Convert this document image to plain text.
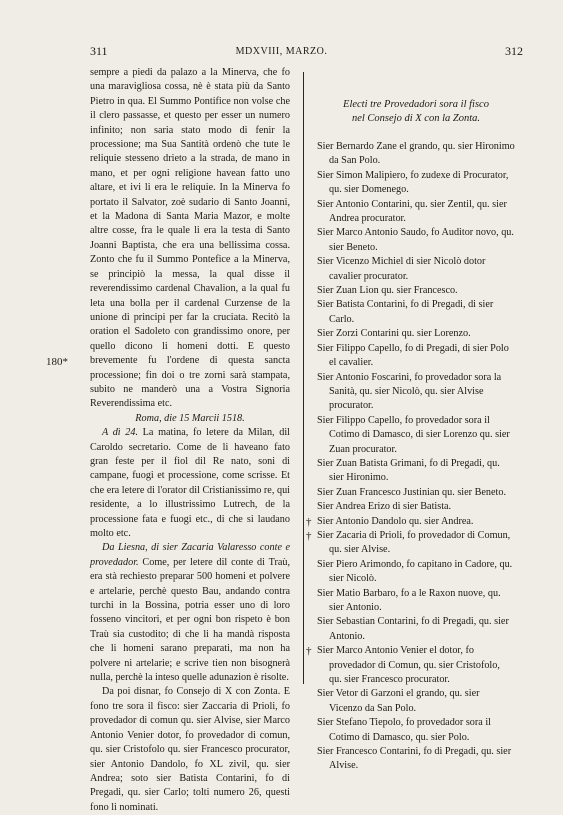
311	MDXVIII, MARZO.	312
180*

sempre a piedi da palazo a la Minerva, che fo una maravigliosa cossa, nè è stata più da Santo Pietro in qua. El Summo Pontifice non volse che il clero passasse, et questo per esser un numero infinito; non saria stato modo di fenir la processione; ma Sua Santità ordenò che tute le reliquie stesseno drieto a la strada, de mano in mano, et per ogni religione havean fatto uno altare, et ivi li era le reliquie. In la Minerva fo portato il Salvator, zoè sudario di Santo Joanni, et la Madona di Santa Maria Mazor, e molte altre cosse, fra le quale li era la testa di Santo Joanni Baptista, che era una bellissima cossa. Zonto che fu il Summo Pontefice a la Minerva, se principiò la messa, la qual disse il reverendissimo cardenal Chavalion, a la qual fu leta una bolla per il cardenal Curzense de la unione di principi per far la cruciata. Recitò la oration el Sadoleto con grandissimo onore, per quello dicono li homeni dotti. E questo brevemente fu l'ordene di questa sancta processione; fin doi o tre zorni sarà stampata, subito ne manderò una a Vostra Signoria Reverendissima etc.

Roma, die 15 Marcii 1518.

A dì 24. La matina, fo letere da Milan, dil Caroldo secretario. Come de li haveano fato gran feste per il fiol dil Re nato, soni di campane, fuogi et processione, come scrisse. Et che era letere di l'orator dil Cristianissimo re, qui residente, a lo illustrissimo Lutrech, de la processione fata e fuogi etc., di che si laudano molto etc.

Da Liesna, di sier Zacaria Valaresso conte e provedador. Come, per letere dil conte di Traù, era stà rechiesto preparar 500 homeni et polvere e artelarie, perchè questo Bau, andando contra turchi in la Bossina, potria esser uno di loro fosseno vincitori, et per ogni bon rispeto è bon Traù sia custodito; di che li ha mandà risposta che li homeni sarano preparati, ma non ha polvere ni artelarie; e scrive tien non bisognerà nulla, perchè la inteso quelle adunazion è risolte.

Da poi disnar, fo Consejo di X con Zonta. E fono tre sora il fisco: sier Zaccaria di Prioli, fo provedador di comun qu. sier Alvise, sier Marco Antonio Venier dotor, fo provedador di comun, qu. sier Cristofolo qu. sier Francesco procurator, sier Antonio Dandolo, fo XL zivil, qu. sier Andrea; soto sier Batista Contarini, fo di Pregadi, qu. sier Carlo; tolti numero 26, questi fono li nominati.

Electi tre Provedadori sora il fisco

nel Consejo di X con la Zonta.

Sier Bernardo Zane el grando, qu. sier Hironimo da San Polo.

Sier Simon Malipiero, fo zudexe di Procurator, qu. sier Domenego.

Sier Antonio Contarini, qu. sier Zentil, qu. sier Andrea procurator.

Sier Marco Antonio Saudo, fo Auditor novo, qu. sier Beneto.

Sier Vicenzo Michiel di sier Nicolò dotor cavalier procurator.

Sier Zuan Lion qu. sier Francesco.

Sier Batista Contarini, fo di Pregadi, di sier Carlo.

Sier Zorzi Contarini qu. sier Lorenzo.

Sier Filippo Capello, fo di Pregadi, di sier Polo el cavalier.

Sier Antonio Foscarini, fo provedador sora la Sanità, qu. sier Nicolò, qu. sier Alvise procurator.

Sier Filippo Capello, fo provedador sora il Cotimo di Damasco, di sier Lorenzo qu. sier Zuan procurator.

Sier Zuan Batista Grimani, fo di Pregadi, qu. sier Hironimo.

Sier Zuan Francesco Justinian qu. sier Beneto.

Sier Andrea Erizo di sier Batista.

† Sier Antonio Dandolo qu. sier Andrea.

† Sier Zacaria di Prioli, fo provedador di Comun, qu. sier Alvise.

Sier Piero Arimondo, fo capitano in Cadore, qu. sier Nicolò.

Sier Matio Barbaro, fo a le Raxon nuove, qu. sier Antonio.

Sier Sebastian Contarini, fo di Pregadi, qu. sier Antonio.

† Sier Marco Antonio Venier el dotor, fo provedador di Comun, qu. sier Cristofolo, qu. sier Francesco procurator.

Sier Vetor di Garzoni el grando, qu. sier Vicenzo da San Polo.

Sier Stefano Tiepolo, fo provedador sora il Cotimo di Damasco, qu. sier Polo.

Sier Francesco Contarini, fo di Pregadi, qu. sier Alvise.
